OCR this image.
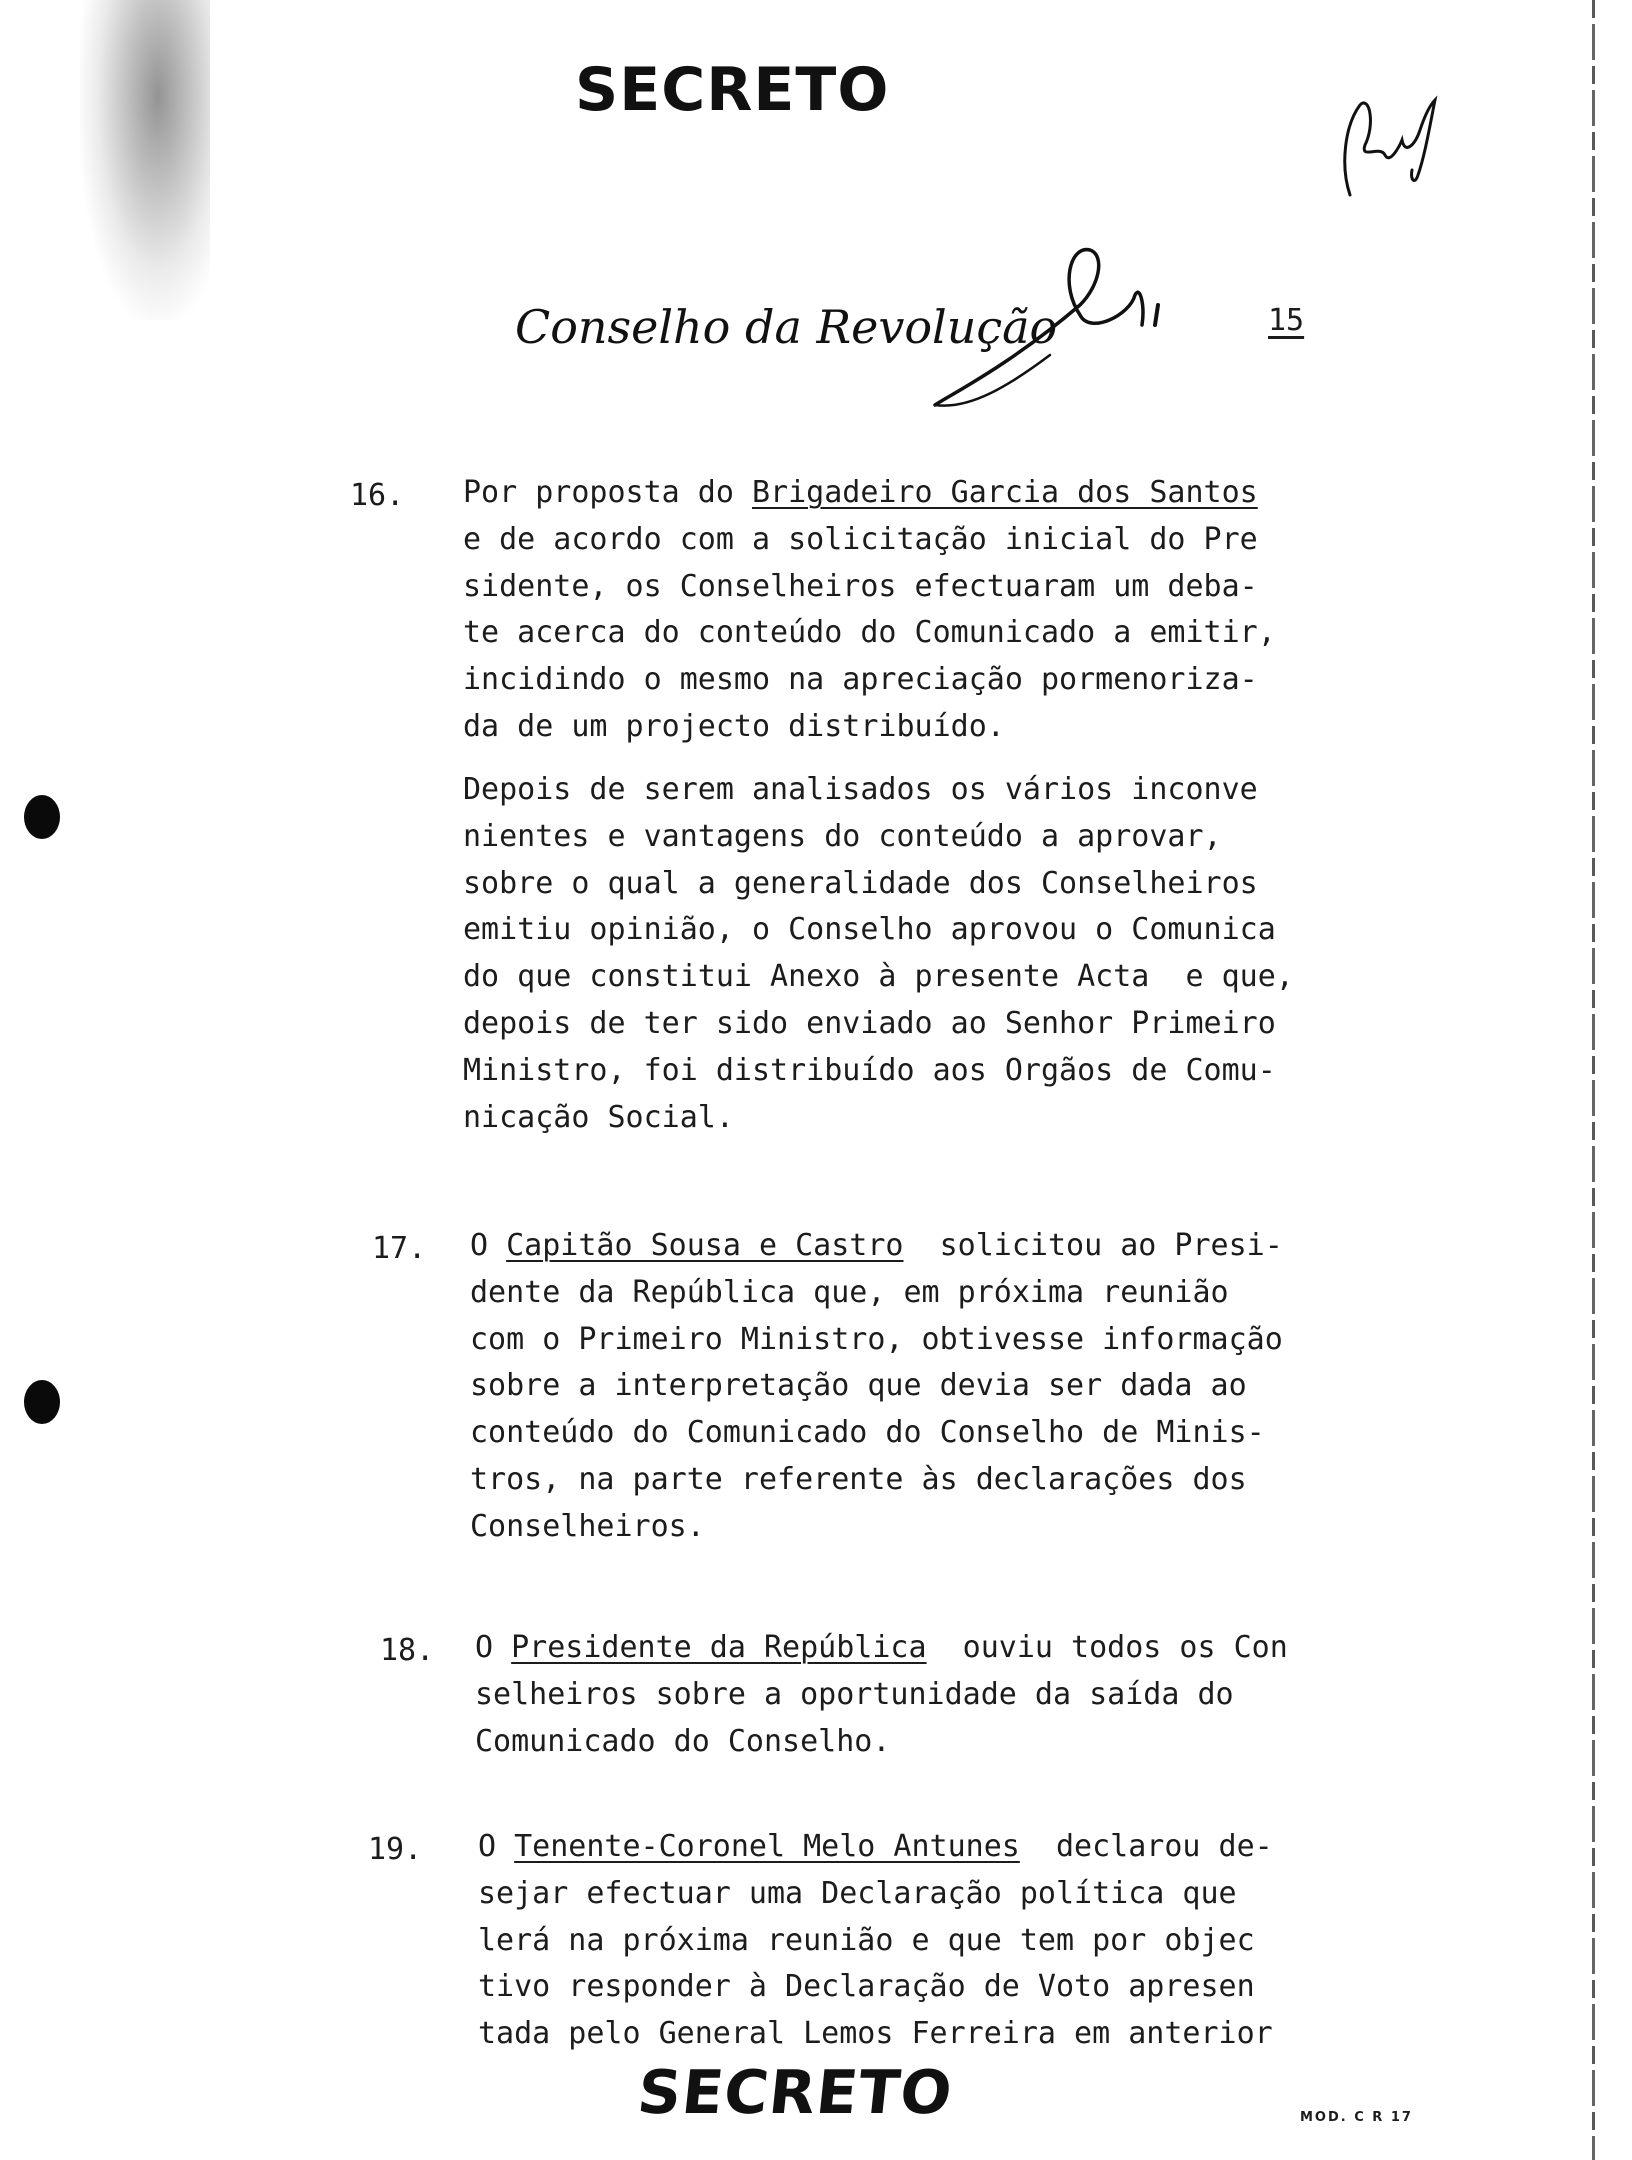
SECRETO
Conselho da Revolução	15
16. Por proposta do Brigadeiro Garcia dos Santos
e de acordo com a solicitação inicial do Pre
sidente, os Conselheiros efectuaram um deba-
te acerca do conteúdo do Comunicado a emitir,
incidindo o mesmo na apreciação pormenoriza-
da de um projecto distribuído.
Depois de serem analisados os vários inconve
nientes e vantagens do conteúdo a aprovar,
sobre o qual a generalidade dos Conselheiros
emitiu opinião, o Conselho aprovou o Comunica
do que constitui Anexo à presente Acta  e que,
depois de ter sido enviado ao Senhor Primeiro
Ministro, foi distribuído aos Orgãos de Comu-
nicação Social.
17. O Capitão Sousa e Castro  solicitou ao Presi-
dente da República que, em próxima reunião
com o Primeiro Ministro, obtivesse informação
sobre a interpretação que devia ser dada ao
conteúdo do Comunicado do Conselho de Minis-
tros, na parte referente às declarações dos
Conselheiros.
18. O Presidente da República  ouviu todos os Con
selheiros sobre a oportunidade da saída do
Comunicado do Conselho.
19. O Tenente-Coronel Melo Antunes  declarou de-
sejar efectuar uma Declaração política que
lerá na próxima reunião e que tem por objec
tivo responder à Declaração de Voto apresen
tada pelo General Lemos Ferreira em anterior
SECRETO	MOD. C R 17
